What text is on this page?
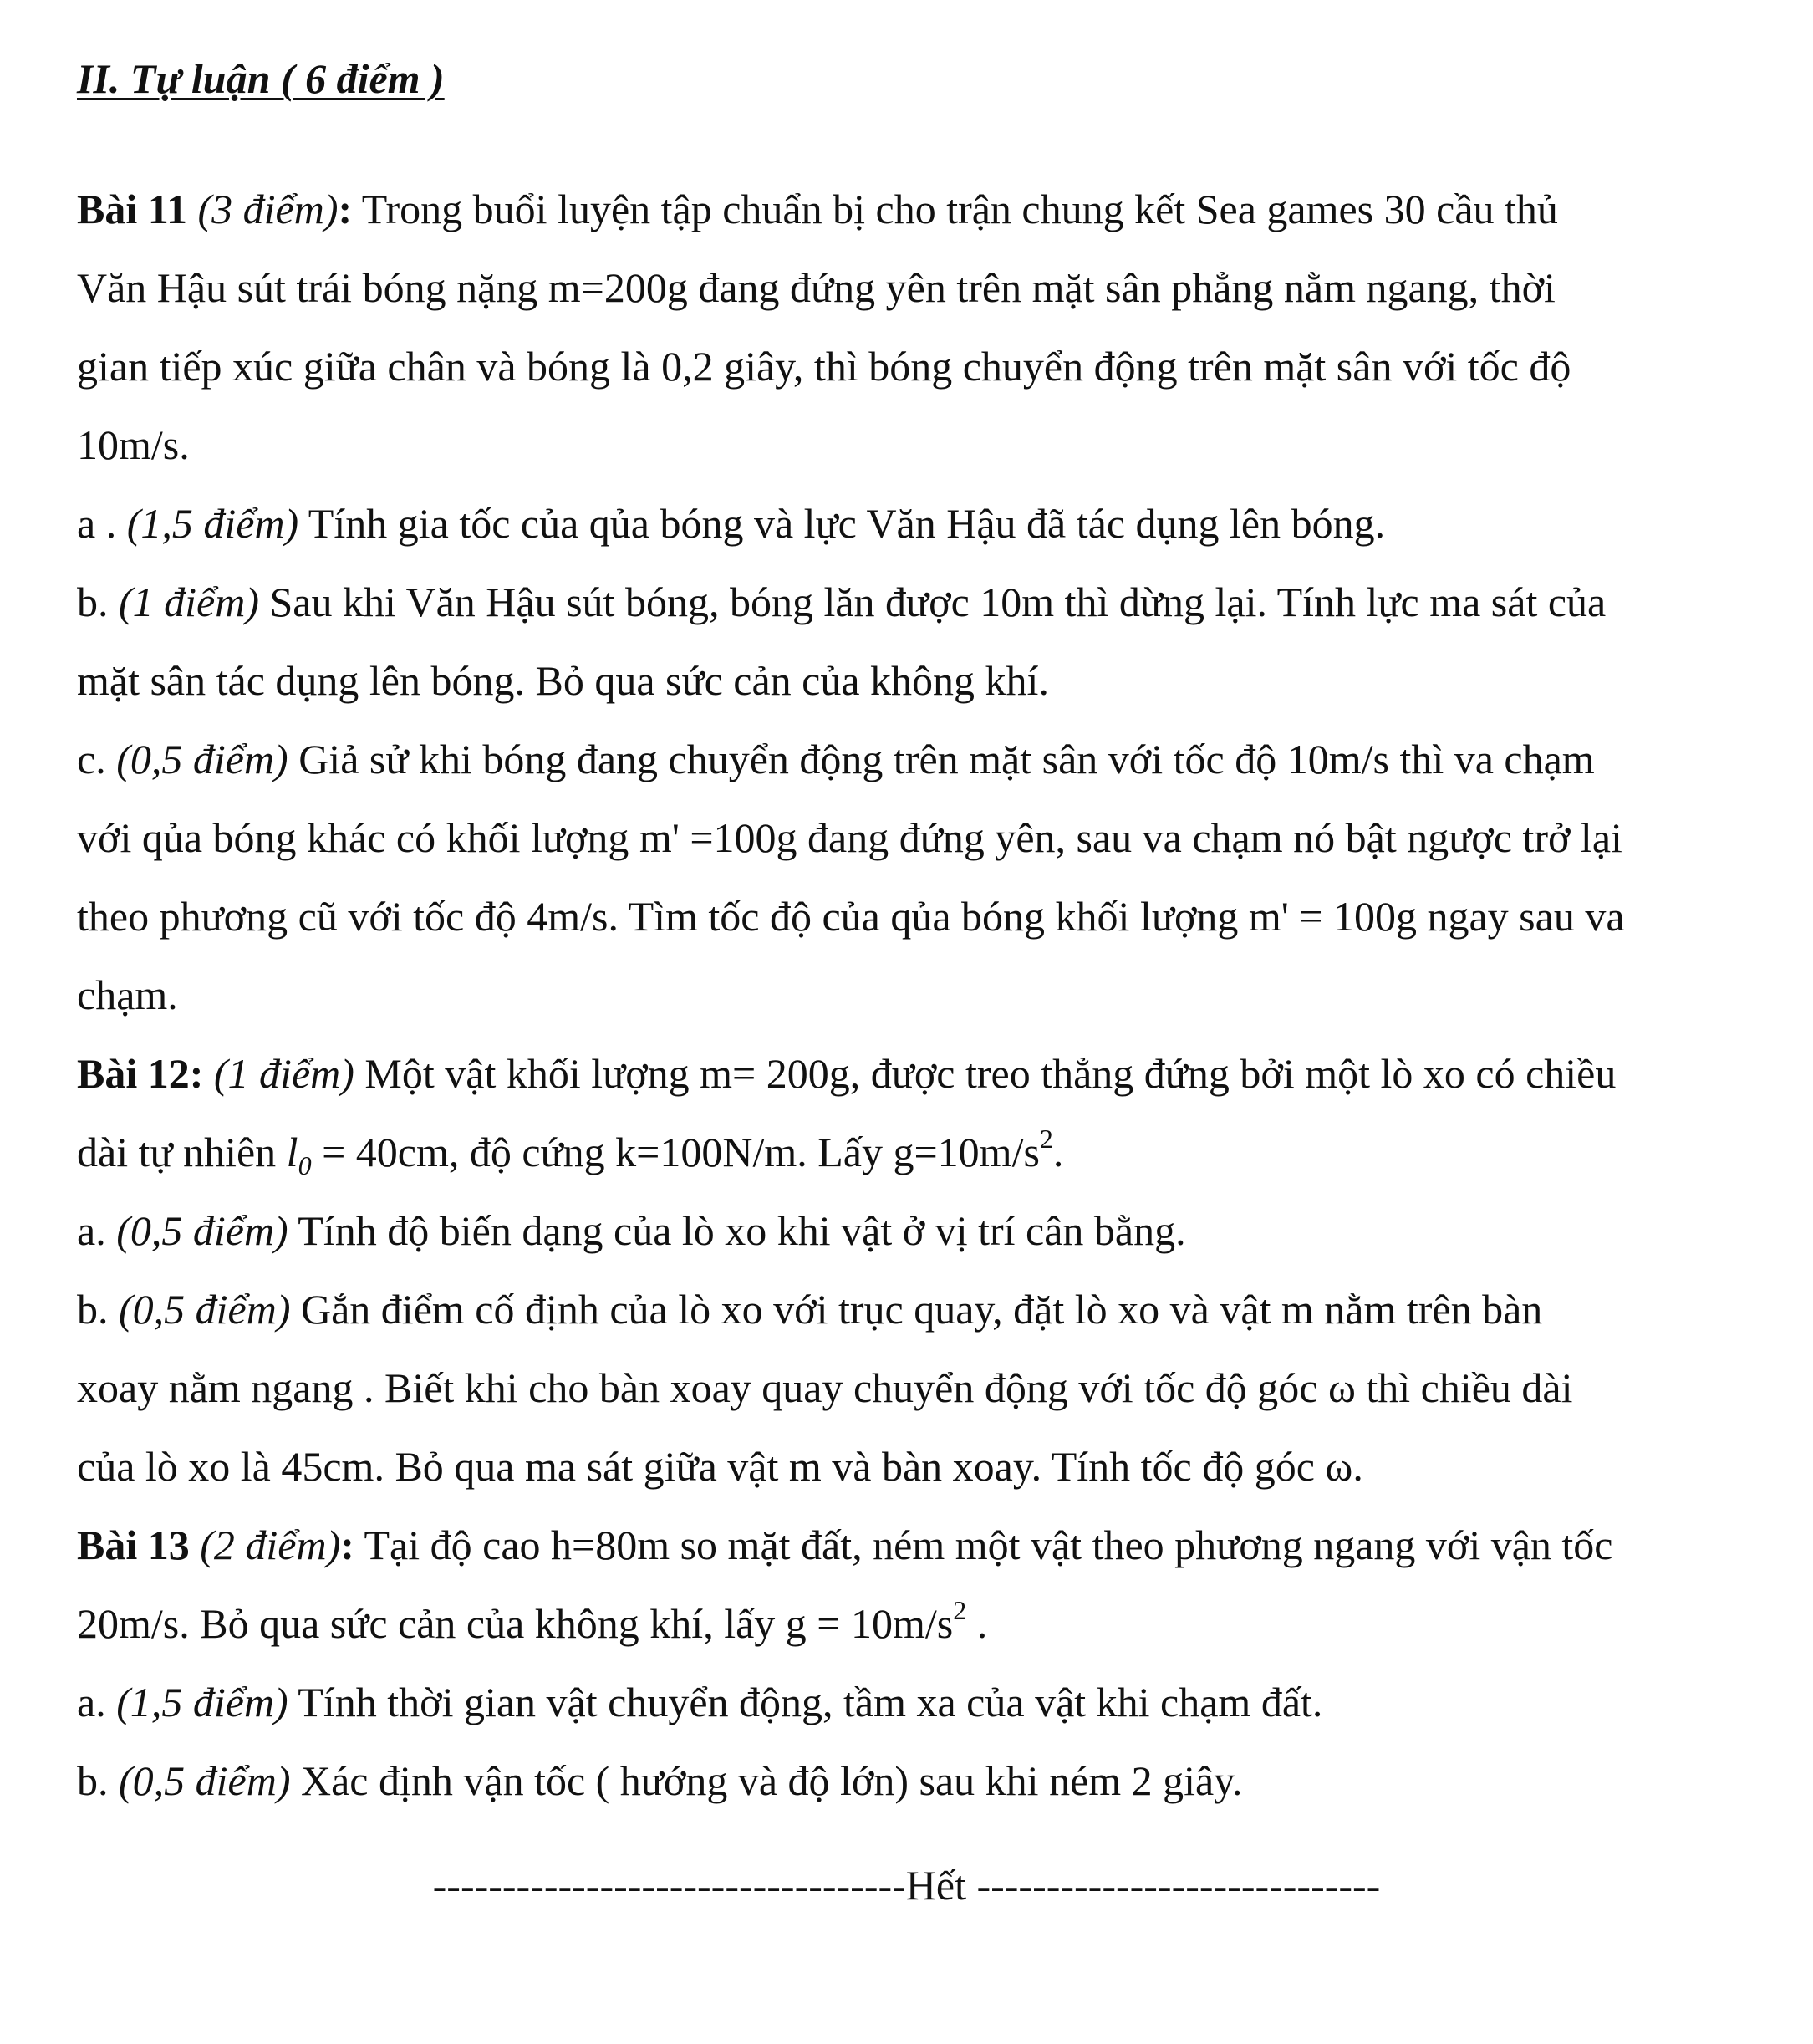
II. Tự luận ( 6 điểm )
Bài 11 (3 điểm): Trong buổi luyện tập chuẩn bị cho trận chung kết Sea games 30 cầu thủ
Văn Hậu sút trái bóng nặng m=200g đang đứng yên trên mặt sân phẳng nằm ngang, thời
gian tiếp xúc giữa chân và bóng là 0,2 giây, thì bóng chuyển động trên mặt sân với tốc độ
10m/s.
a . (1,5 điểm) Tính gia tốc của qủa bóng và lực Văn Hậu đã tác dụng lên bóng.
b. (1 điểm) Sau khi Văn Hậu sút bóng, bóng lăn được 10m thì dừng lại. Tính lực ma sát của
mặt sân tác dụng lên bóng. Bỏ qua sức cản của không khí.
c. (0,5 điểm) Giả sử khi bóng đang chuyển động trên mặt sân với tốc độ 10m/s thì va chạm
với qủa bóng khác có khối lượng m' =100g đang đứng yên, sau va chạm nó bật ngược trở lại
theo phương cũ với tốc độ 4m/s. Tìm tốc độ của qủa bóng khối lượng m' = 100g ngay sau va
chạm.
Bài 12: (1 điểm) Một vật khối lượng m= 200g, được treo thẳng đứng bởi một lò xo có chiều
dài tự nhiên $l_0 = 40cm$, độ cứng k=100N/m. Lấy $g=10m/s^2$.
a. (0,5 điểm) Tính độ biến dạng của lò xo khi vật ở vị trí cân bằng.
b. (0,5 điểm) Gắn điểm cố định của lò xo với trục quay, đặt lò xo và vật m nằm trên bàn
xoay nằm ngang . Biết khi cho bàn xoay quay chuyển động với tốc độ góc ω thì chiều dài
của lò xo là 45cm. Bỏ qua ma sát giữa vật m và bàn xoay. Tính tốc độ góc ω.
Bài 13 (2 điểm): Tại độ cao h=80m so mặt đất, ném một vật theo phương ngang với vận tốc
20m/s. Bỏ qua sức cản của không khí, lấy $g = 10m/s^2$ .
a. (1,5 điểm) Tính thời gian vật chuyển động, tầm xa của vật khi chạm đất.
b. (0,5 điểm) Xác định vận tốc ( hướng và độ lớn) sau khi ném 2 giây.
----------------------------------Hết -----------------------------
